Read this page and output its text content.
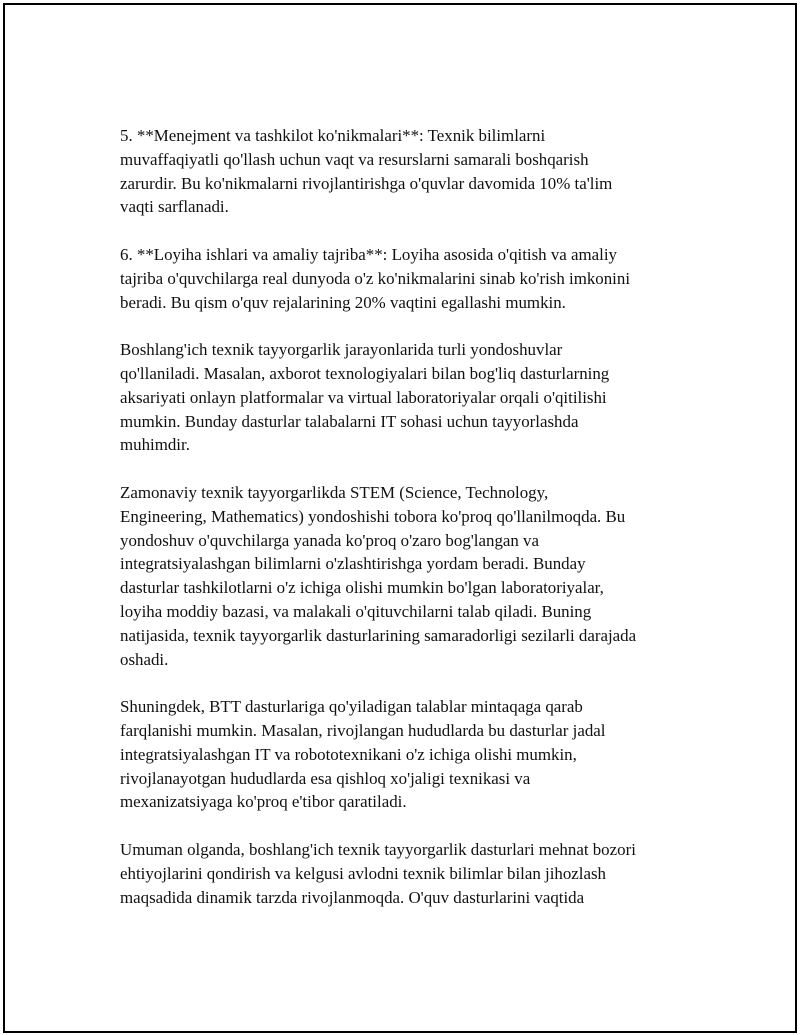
5. **Menejment va tashkilot ko'nikmalari**: Texnik bilimlarni
muvaffaqiyatli qo'llash uchun vaqt va resurslarni samarali boshqarish
zarurdir. Bu ko'nikmalarni rivojlantirishga o'quvlar davomida 10% ta'lim
vaqti sarflanadi.

6. **Loyiha ishlari va amaliy tajriba**: Loyiha asosida o'qitish va amaliy
tajriba o'quvchilarga real dunyoda o'z ko'nikmalarini sinab ko'rish imkonini
beradi. Bu qism o'quv rejalarining 20% vaqtini egallashi mumkin.

Boshlang'ich texnik tayyorgarlik jarayonlarida turli yondoshuvlar
qo'llaniladi. Masalan, axborot texnologiyalari bilan bog'liq dasturlarning
aksariyati onlayn platformalar va virtual laboratoriyalar orqali o'qitilishi
mumkin. Bunday dasturlar talabalarni IT sohasi uchun tayyorlashda
muhimdir.

Zamonaviy texnik tayyorgarlikda STEM (Science, Technology,
Engineering, Mathematics) yondoshishi tobora ko'proq qo'llanilmoqda. Bu
yondoshuv o'quvchilarga yanada ko'proq o'zaro bog'langan va
integratsiyalashgan bilimlarni o'zlashtirishga yordam beradi. Bunday
dasturlar tashkilotlarni o'z ichiga olishi mumkin bo'lgan laboratoriyalar,
loyiha moddiy bazasi, va malakali o'qituvchilarni talab qiladi. Buning
natijasida, texnik tayyorgarlik dasturlarining samaradorligi sezilarli darajada
oshadi.

Shuningdek, BTT dasturlariga qo'yiladigan talablar mintaqaga qarab
farqlanishi mumkin. Masalan, rivojlangan hududlarda bu dasturlar jadal
integratsiyalashgan IT va robototexnikani o'z ichiga olishi mumkin,
rivojlanayotgan hududlarda esa qishloq xo'jaligi texnikasi va
mexanizatsiyaga ko'proq e'tibor qaratiladi.

Umuman olganda, boshlang'ich texnik tayyorgarlik dasturlari mehnat bozori
ehtiyojlarini qondirish va kelgusi avlodni texnik bilimlar bilan jihozlash
maqsadida dinamik tarzda rivojlanmoqda. O'quv dasturlarini vaqtida
